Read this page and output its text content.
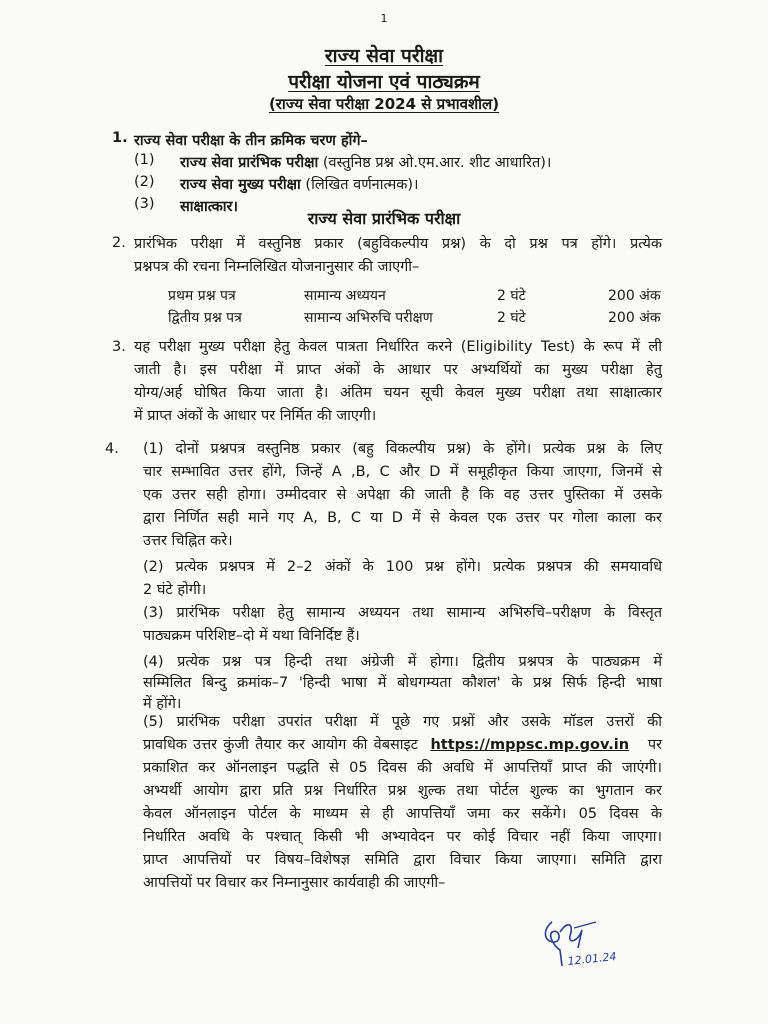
1
राज्य सेवा परीक्षा
परीक्षा योजना एवं पाठ्यक्रम
(राज्य सेवा परीक्षा 2024 से प्रभावशील)
1. राज्य सेवा परीक्षा के तीन क्रमिक चरण होंगे–
(1) राज्य सेवा प्रारंभिक परीक्षा (वस्तुनिष्ठ प्रश्न ओ.एम.आर. शीट आधारित)।
(2) राज्य सेवा मुख्य परीक्षा (लिखित वर्णनात्मक)।
(3) साक्षात्कार।
राज्य सेवा प्रारंभिक परीक्षा
2. प्रारंभिक परीक्षा में वस्तुनिष्ठ प्रकार (बहुविकल्पीय प्रश्न) के दो प्रश्न पत्र होंगे। प्रत्येक
प्रश्नपत्र की रचना निम्नलिखित योजनानुसार की जाएगी–
प्रथम प्रश्न पत्र	सामान्य अध्ययन	2 घंटे	200 अंक
द्वितीय प्रश्न पत्र	सामान्य अभिरुचि परीक्षण	2 घंटे	200 अंक
3. यह परीक्षा मुख्य परीक्षा हेतु केवल पात्रता निर्धारित करने (Eligibility Test) के रूप में ली
जाती है। इस परीक्षा में प्राप्त अंकों के आधार पर अभ्यर्थियों का मुख्य परीक्षा हेतु
योग्य/अर्ह घोषित किया जाता है। अंतिम चयन सूची केवल मुख्य परीक्षा तथा साक्षात्कार
में प्राप्त अंकों के आधार पर निर्मित की जाएगी।
4. (1) दोनों प्रश्नपत्र वस्तुनिष्ठ प्रकार (बहु विकल्पीय प्रश्न) के होंगे। प्रत्येक प्रश्न के लिए
चार सम्भावित उत्तर होंगे, जिन्हें A ,B, C और D में समूहीकृत किया जाएगा, जिनमें से
एक उत्तर सही होगा। उम्मीदवार से अपेक्षा की जाती है कि वह उत्तर पुस्तिका में उसके
द्वारा निर्णित सही माने गए A, B, C या D में से केवल एक उत्तर पर गोला काला कर
उत्तर चिह्नित करे।
(2) प्रत्येक प्रश्नपत्र में 2–2 अंकों के 100 प्रश्न होंगे। प्रत्येक प्रश्नपत्र की समयावधि
2 घंटे होगी।
(3) प्रारंभिक परीक्षा हेतु सामान्य अध्ययन तथा सामान्य अभिरुचि–परीक्षण के विस्तृत
पाठ्यक्रम परिशिष्ट–दो में यथा विनिर्दिष्ट हैं।
(4) प्रत्येक प्रश्न पत्र हिन्दी तथा अंग्रेजी में होगा। द्वितीय प्रश्नपत्र के पाठ्यक्रम में
सम्मिलित बिन्दु क्रमांक–7 'हिन्दी भाषा में बोधगम्यता कौशल' के प्रश्न सिर्फ हिन्दी भाषा
में होंगे।
(5) प्रारंभिक परीक्षा उपरांत परीक्षा में पूछे गए प्रश्नों और उसके मॉडल उत्तरों की
प्रावधिक उत्तर कुंजी तैयार कर आयोग की वेबसाइट https://mppsc.mp.gov.in पर
प्रकाशित कर ऑनलाइन पद्धति से 05 दिवस की अवधि में आपत्तियाँ प्राप्त की जाएंगी।
अभ्यर्थी आयोग द्वारा प्रति प्रश्न निर्धारित प्रश्न शुल्क तथा पोर्टल शुल्क का भुगतान कर
केवल ऑनलाइन पोर्टल के माध्यम से ही आपत्तियाँ जमा कर सकेंगे। 05 दिवस के
निर्धारित अवधि के पश्चात् किसी भी अभ्यावेदन पर कोई विचार नहीं किया जाएगा।
प्राप्त आपत्तियों पर विषय–विशेषज्ञ समिति द्वारा विचार किया जाएगा। समिति द्वारा
आपत्तियों पर विचार कर निम्नानुसार कार्यवाही की जाएगी–
12.01.24
